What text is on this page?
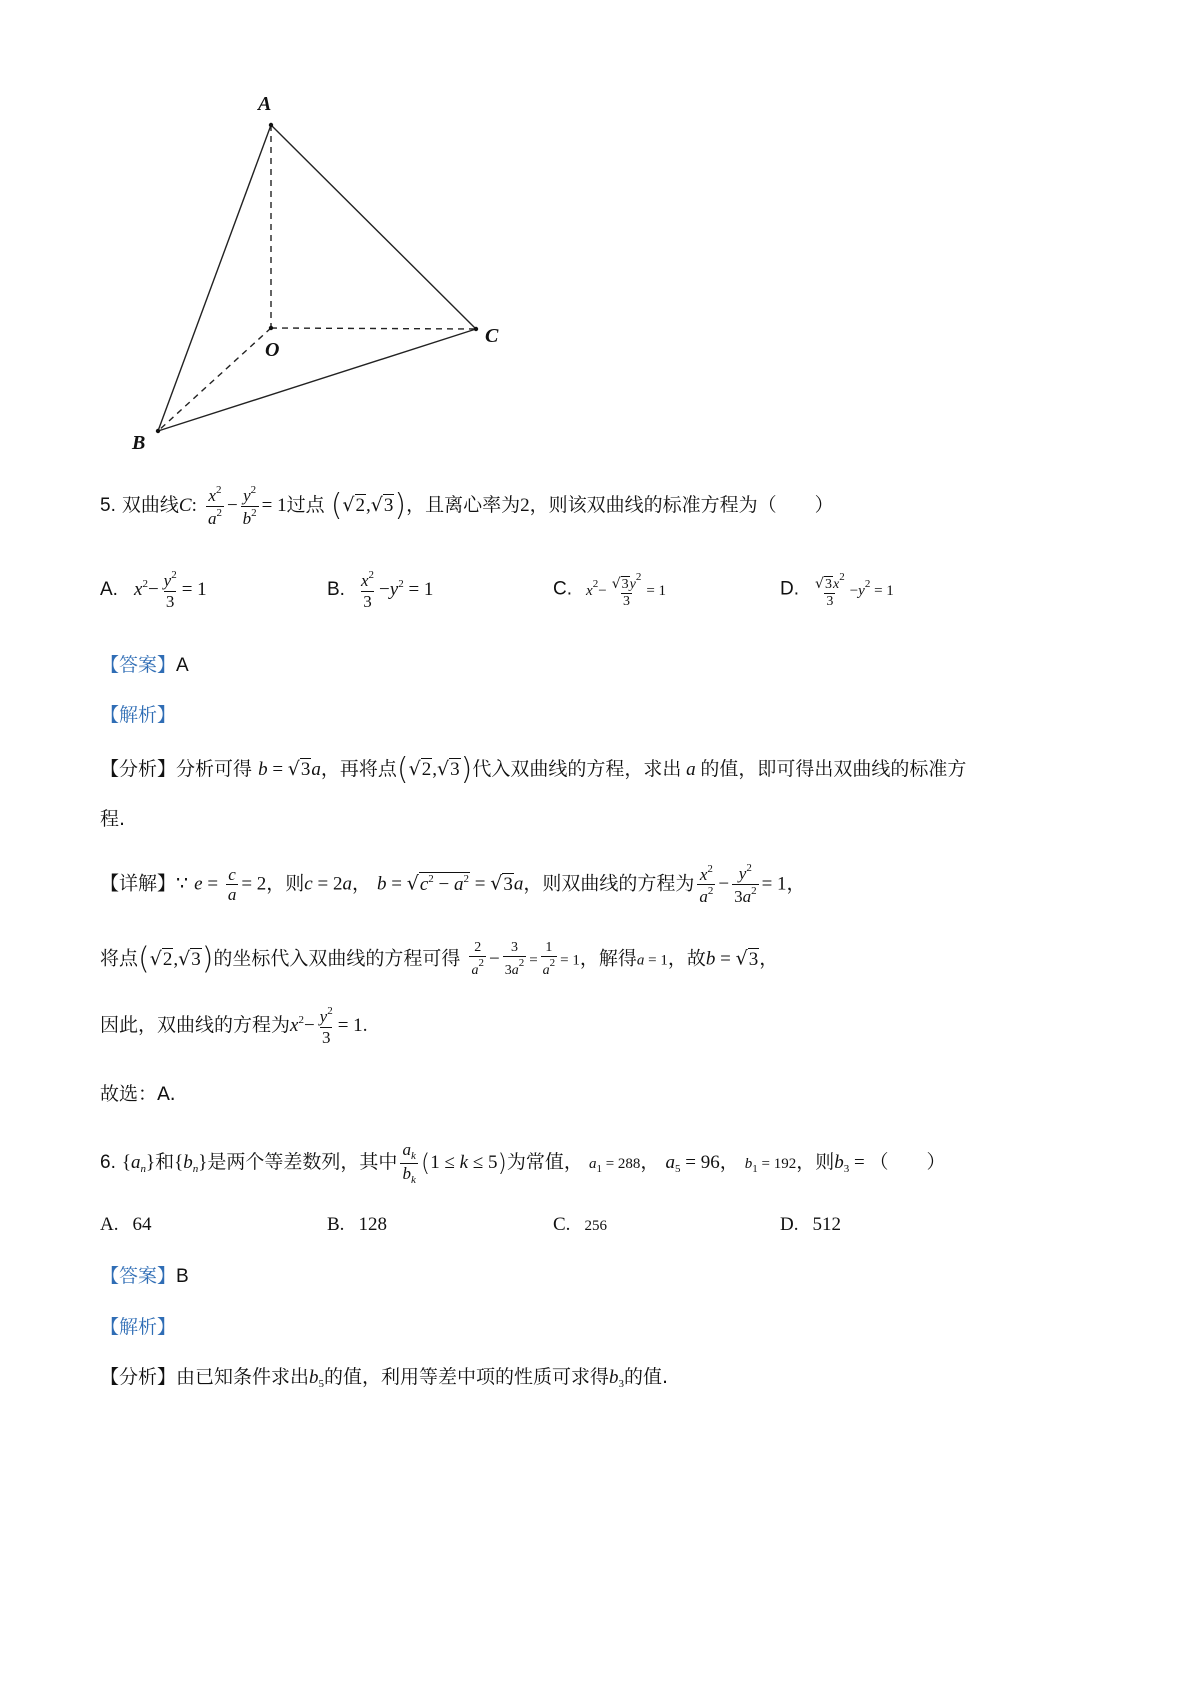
A
O
B
C
5. 双曲线C: $\frac{x^2}{a^2} - \frac{y^2}{b^2} = 1$过点 (√2,√3)，且离心率为2，则该双曲线的标准方程为（　　）
A. $x^2- \frac{y^2}{3} = 1$	B. $\frac{x^2}{3} -y^2 = 1$	C. $x^2- \frac{√3y^2}{3} = 1$	D. $\frac{√3x^2}{3} -y^2 = 1$
【答案】A
【解析】
【分析】分析可得 b = √3a，再将点(√2,√3)代入双曲线的方程，求出 a 的值，即可得出双曲线的标准方
程.
【详解】∵ $e = \frac{c}{a} = 2$，则c = 2a， $b = √c^2 - a^2 = √3a$，则双曲线的方程为 $\frac{x^2}{a^2} - \frac{y^2}{3a^2} = 1$，
将点(√2,√3)的坐标代入双曲线的方程可得 $\frac{2}{a^2} - \frac{3}{3a^2} = \frac{1}{a^2} = 1$，解得a = 1，故b = √3，
因此，双曲线的方程为$x^2- \frac{y^2}{3} = 1$.
故选：A.
6. $\{a_n\}$和$\{b_n\}$是两个等差数列，其中 $\frac{a_k}{b_k} (1 \le k \le 5)$为常值， $a_1 = 288$， $a_5 = 96$， $b_1 = 192$，则$b_3$ = （　　）
A. 64	B. 128	C. 256	D. 512
【答案】B
【解析】
【分析】由已知条件求出$b_5$的值，利用等差中项的性质可求得$b_3$的值.
